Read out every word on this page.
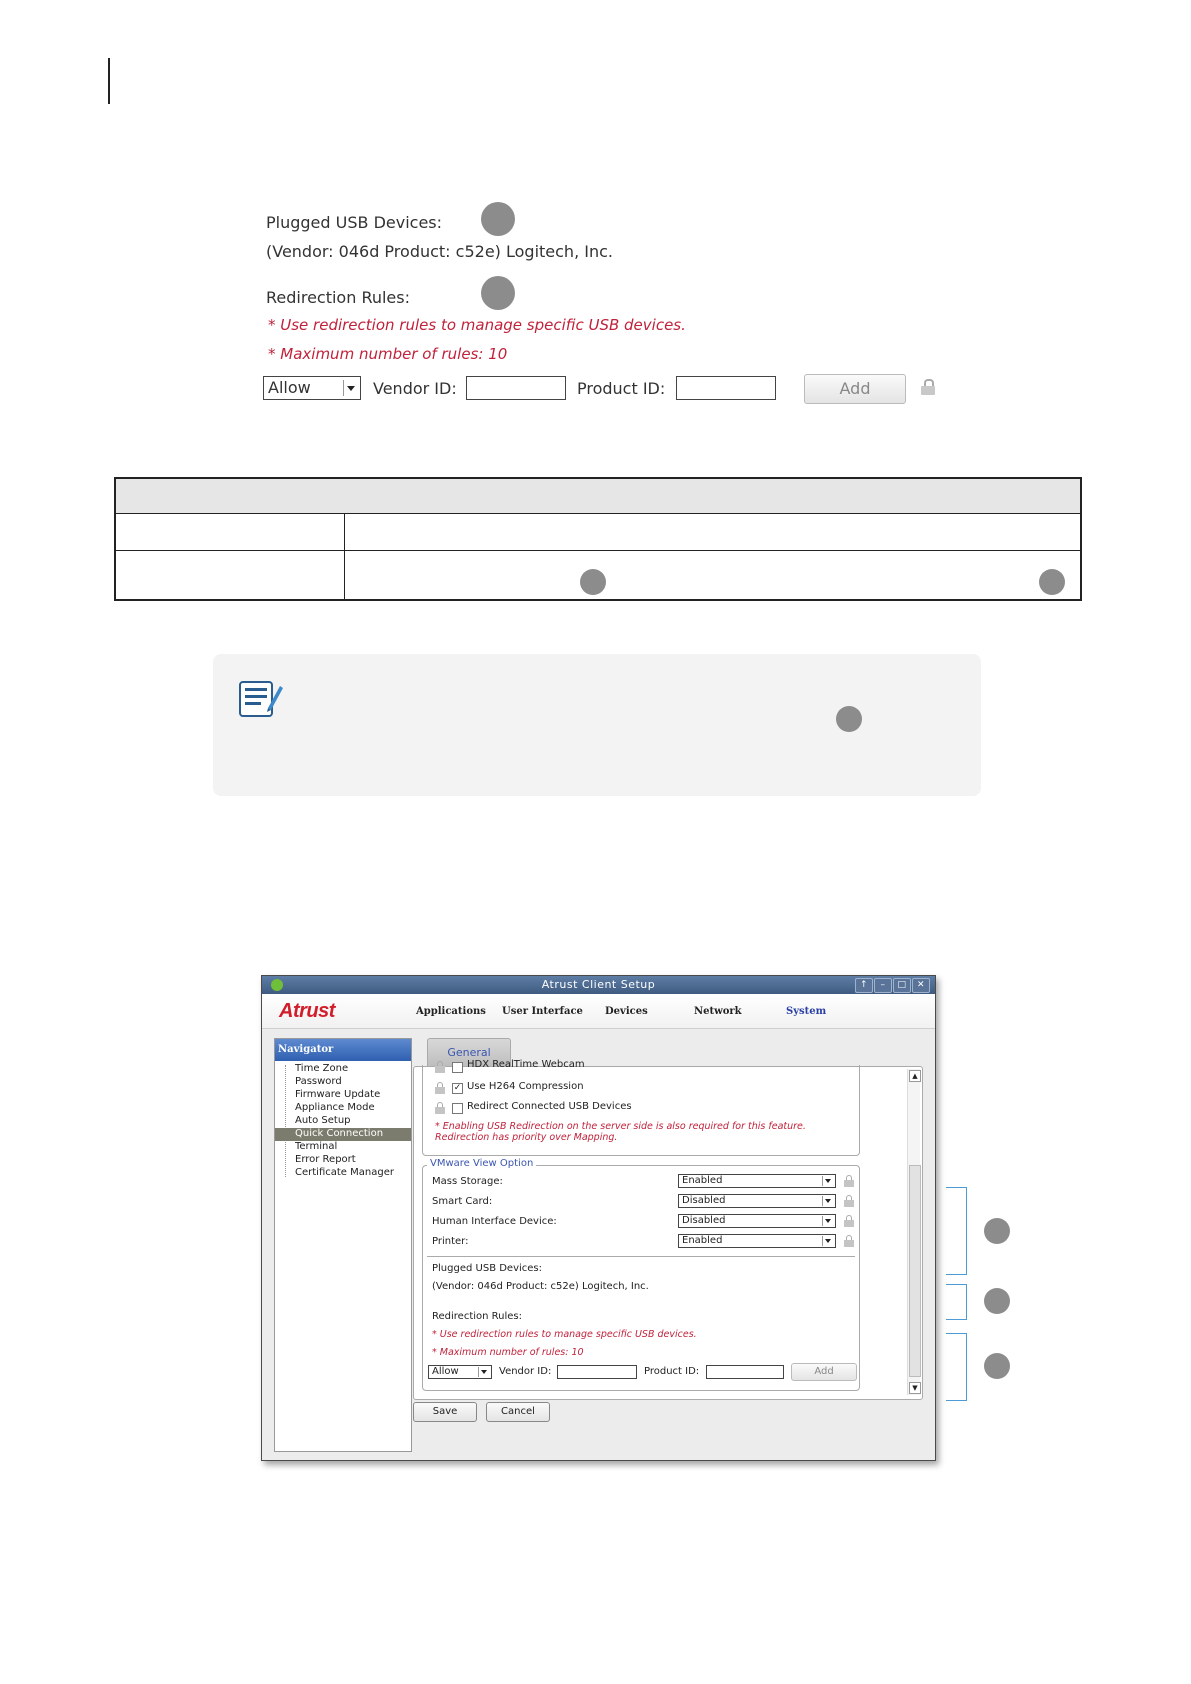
Plugged USB Devices:
(Vendor: 046d Product: c52e) Logitech, Inc.
Redirection Rules:
* Use redirection rules to manage specific USB devices.
* Maximum number of rules: 10
Allow	Vendor ID:	Product ID:	Add
Atrust Client Setup	↑	–	□	✕
Atrust	Applications User Interface Devices	Network	System
Navigator
Time Zone
Password
Firmware Update
Appliance Mode
Auto Setup
Quick Connection
Terminal
Error Report
Certificate Manager
General
▲
▼
HDX RealTime Webcam
✓ Use H264 Compression
Redirect Connected USB Devices
* Enabling USB Redirection on the server side is also required for this feature.
Redirection has priority over Mapping.
VMware View Option
Mass Storage:	Enabled
Smart Card:	Disabled
Human Interface Device:	Disabled
Printer:	Enabled
Plugged USB Devices:
(Vendor: 046d Product: c52e) Logitech, Inc.
Redirection Rules:
* Use redirection rules to manage specific USB devices.
* Maximum number of rules: 10
Allow	Vendor ID:	Product ID:	Add
Save	Cancel
